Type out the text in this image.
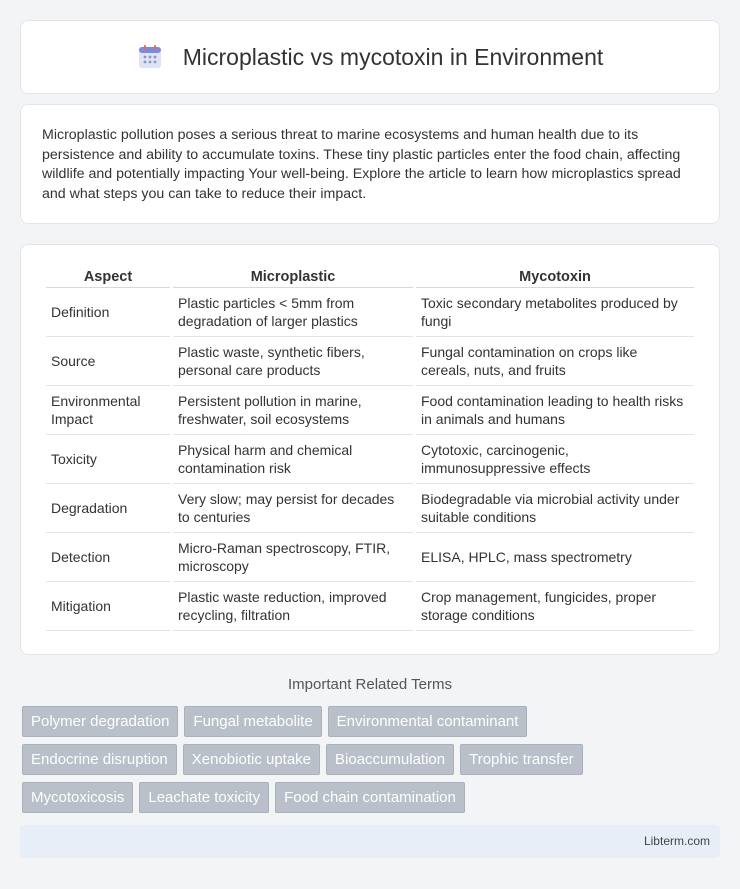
Microplastic vs mycotoxin in Environment

Microplastic pollution poses a serious threat to marine ecosystems and human health due to its persistence and ability to accumulate toxins. These tiny plastic particles enter the food chain, affecting wildlife and potentially impacting Your well-being. Explore the article to learn how microplastics spread and what steps you can take to reduce their impact.

Aspect	Microplastic	Mycotoxin
Definition	Plastic particles < 5mm from degradation of larger plastics	Toxic secondary metabolites produced by fungi
Source	Plastic waste, synthetic fibers, personal care products	Fungal contamination on crops like cereals, nuts, and fruits
Environmental Impact	Persistent pollution in marine, freshwater, soil ecosystems	Food contamination leading to health risks in animals and humans
Toxicity	Physical harm and chemical contamination risk	Cytotoxic, carcinogenic, immunosuppressive effects
Degradation	Very slow; may persist for decades to centuries	Biodegradable via microbial activity under suitable conditions
Detection	Micro-Raman spectroscopy, FTIR, microscopy	ELISA, HPLC, mass spectrometry
Mitigation	Plastic waste reduction, improved recycling, filtration	Crop management, fungicides, proper storage conditions
Important Related Terms
Polymer degradation	Fungal metabolite	Environmental contaminant
Endocrine disruption	Xenobiotic uptake	Bioaccumulation	Trophic transfer
Mycotoxicosis	Leachate toxicity	Food chain contamination
Libterm.com
